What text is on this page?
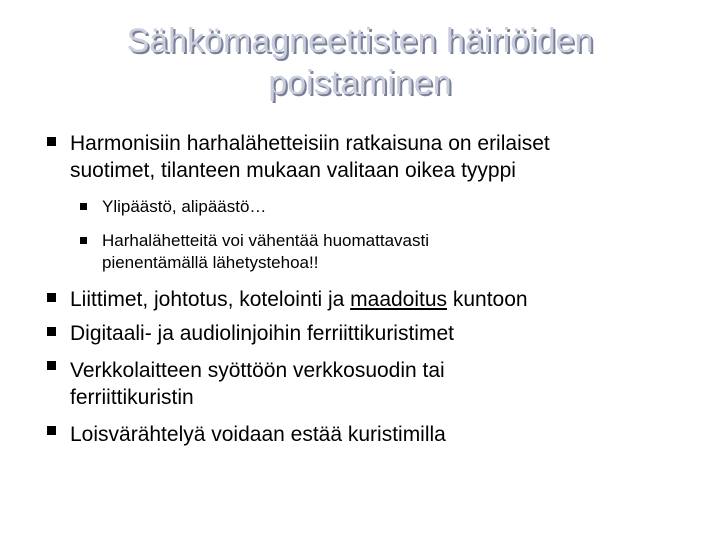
Sähkömagneettisten häiriöiden
poistaminen
Harmonisiin harhalähetteisiin ratkaisuna on erilaiset
suotimet, tilanteen mukaan valitaan oikea tyyppi
Ylipäästö, alipäästö…
Harhalähetteitä voi vähentää huomattavasti
pienentämällä lähetystehoa!!
Liittimet, johtotus, kotelointi ja maadoitus kuntoon
Digitaali- ja audiolinjoihin ferriittikuristimet
Verkkolaitteen syöttöön verkkosuodin tai
ferriittikuristin
Loisvärähtelyä voidaan estää kuristimilla
